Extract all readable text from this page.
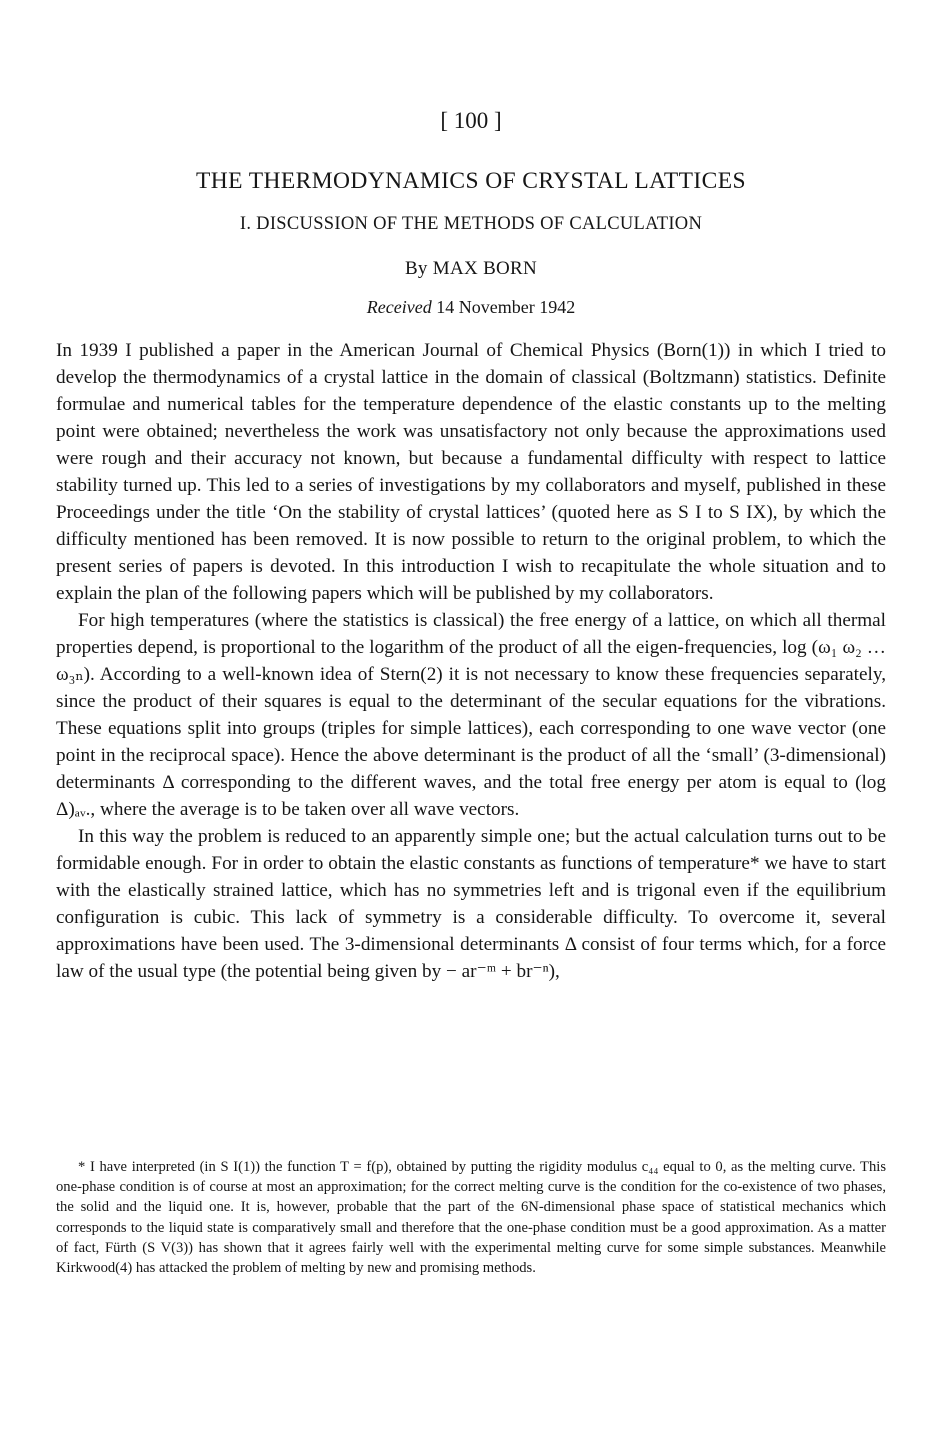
[ 100 ]
THE THERMODYNAMICS OF CRYSTAL LATTICES
I. DISCUSSION OF THE METHODS OF CALCULATION
By MAX BORN
Received 14 November 1942

In 1939 I published a paper in the American Journal of Chemical Physics (Born(1)) in which I tried to develop the thermodynamics of a crystal lattice in the domain of classical (Boltzmann) statistics. Definite formulae and numerical tables for the temperature dependence of the elastic constants up to the melting point were obtained; nevertheless the work was unsatisfactory not only because the approximations used were rough and their accuracy not known, but because a fundamental difficulty with respect to lattice stability turned up. This led to a series of investigations by my collaborators and myself, published in these Proceedings under the title ‘On the stability of crystal lattices’ (quoted here as S I to S IX), by which the difficulty mentioned has been removed. It is now possible to return to the original problem, to which the present series of papers is devoted. In this introduction I wish to recapitulate the whole situation and to explain the plan of the following papers which will be published by my collaborators.

For high temperatures (where the statistics is classical) the free energy of a lattice, on which all thermal properties depend, is proportional to the logarithm of the product of all the eigen-frequencies, log (ω₁ ω₂ … ω₃ₙ). According to a well-known idea of Stern(2) it is not necessary to know these frequencies separately, since the product of their squares is equal to the determinant of the secular equations for the vibrations. These equations split into groups (triples for simple lattices), each corresponding to one wave vector (one point in the reciprocal space). Hence the above determinant is the product of all the ‘small’ (3-dimensional) determinants Δ corresponding to the different waves, and the total free energy per atom is equal to (log Δ)ₐᵥ., where the average is to be taken over all wave vectors.

In this way the problem is reduced to an apparently simple one; but the actual calculation turns out to be formidable enough. For in order to obtain the elastic constants as functions of temperature* we have to start with the elastically strained lattice, which has no symmetries left and is trigonal even if the equilibrium configuration is cubic. This lack of symmetry is a considerable difficulty. To overcome it, several approximations have been used. The 3-dimensional determinants Δ consist of four terms which, for a force law of the usual type (the potential being given by − ar⁻ᵐ + br⁻ⁿ),

* I have interpreted (in S I(1)) the function T = f(p), obtained by putting the rigidity modulus c₄₄ equal to 0, as the melting curve. This one-phase condition is of course at most an approximation; for the correct melting curve is the condition for the co-existence of two phases, the solid and the liquid one. It is, however, probable that the part of the 6N-dimensional phase space of statistical mechanics which corresponds to the liquid state is comparatively small and therefore that the one-phase condition must be a good approximation. As a matter of fact, Fürth (S V(3)) has shown that it agrees fairly well with the experimental melting curve for some simple substances. Meanwhile Kirkwood(4) has attacked the problem of melting by new and promising methods.
